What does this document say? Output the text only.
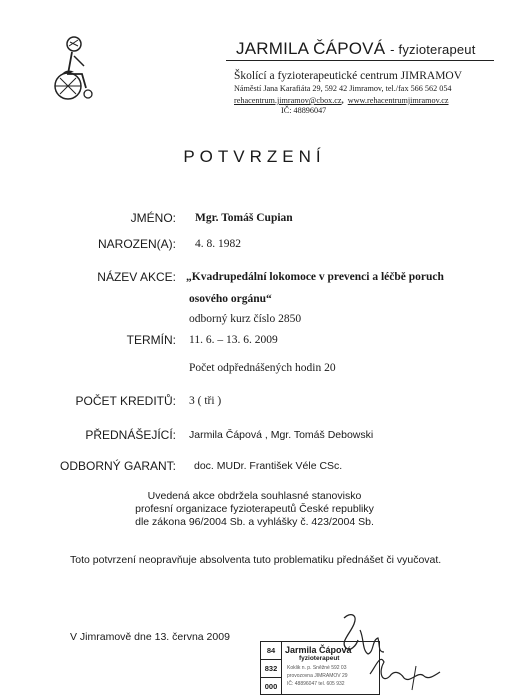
JARMILA ČÁPOVÁ - fyzioterapeut
Školící a fyzioterapeutické centrum JIMRAMOV
Náměstí Jana Karafiáta 29, 592 42 Jimramov, tel./fax 566 562 054
rehacentrum.jimramov@cbox.cz, www.rehacentrumjimramov.cz
IČ: 48896047
POTVRZENÍ
JMÉNO: Mgr. Tomáš Cupian
NAROZEN(A): 4. 8. 1982
NÁZEV AKCE: „Kvadrupedální lokomoce v prevenci a léčbě poruch
osového orgánu“
odborný kurz číslo 2850
TERMÍN: 11. 6. – 13. 6. 2009
Počet odpřednášených hodin 20
POČET KREDITŮ: 3 ( tři )
PŘEDNÁŠEJÍCÍ: Jarmila Čápová , Mgr. Tomáš Debowski
ODBORNÝ GARANT: doc. MUDr. František Véle CSc.
Uvedená akce obdržela souhlasné stanovisko
profesní organizace fyzioterapeutů České republiky
dle zákona 96/2004 Sb. a vyhlášky č. 423/2004 Sb.
Toto potvrzení neopravňuje absolventa tuto problematiku přednášet či vyučovat.
V Jimramově dne 13. června 2009
84
832
000
Jarmila Čápová
fyzioterapeut
Koklik n. p. Sněžné 592 03
provozovna JIMRAMOV 29
IČ: 48896047 tel. 605 932
